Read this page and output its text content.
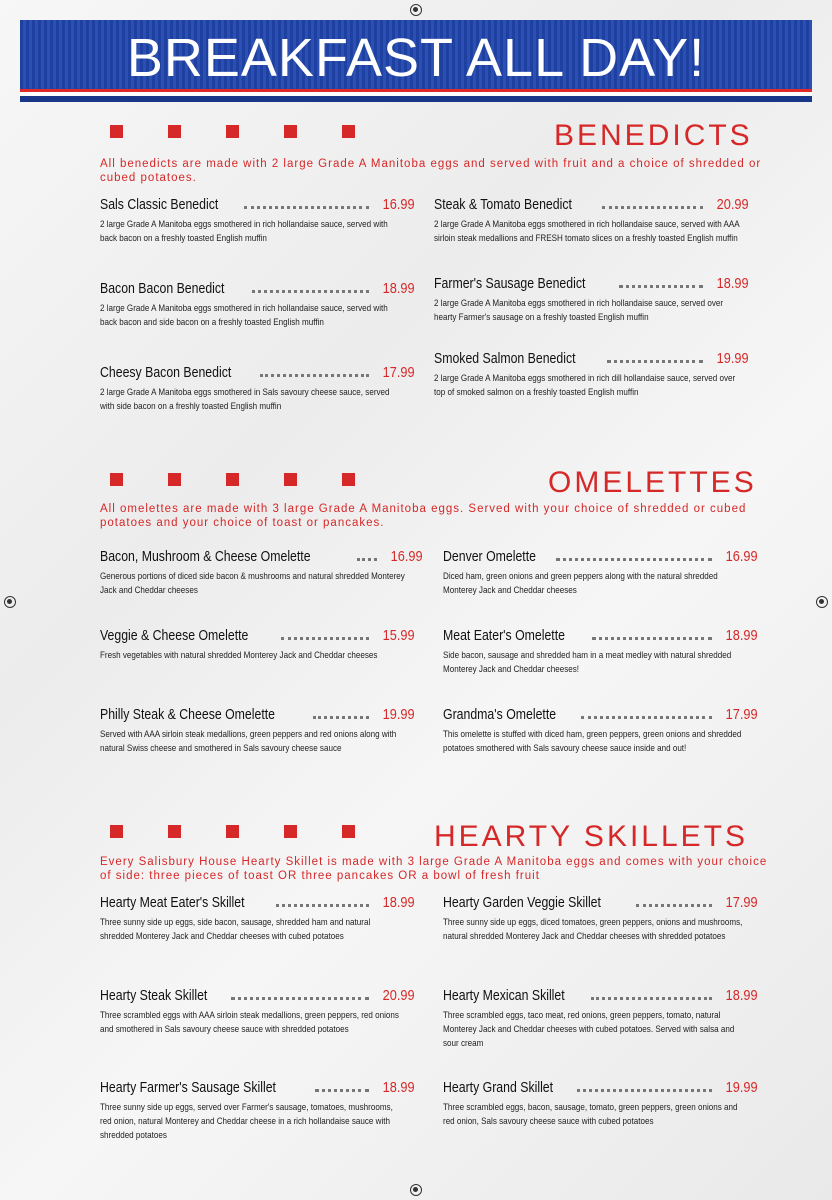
BREAKFAST ALL DAY!
BENEDICTS
All benedicts are made with 2 large Grade A Manitoba eggs and served with fruit and a choice of shredded or cubed potatoes.
Sals Classic Benedict	16.99
2 large Grade A Manitoba eggs smothered in rich hollandaise sauce, served with back bacon on a freshly toasted English muffin
Steak & Tomato Benedict	20.99
2 large Grade A Manitoba eggs smothered in rich hollandaise sauce, served with AAA sirloin steak medallions and FRESH tomato slices on a freshly toasted English muffin
Bacon Bacon Benedict	18.99
2 large Grade A Manitoba eggs smothered in rich hollandaise sauce, served with back bacon and side bacon on a freshly toasted English muffin
Farmer's Sausage Benedict	18.99
2 large Grade A Manitoba eggs smothered in rich hollandaise sauce, served over hearty Farmer's sausage on a freshly toasted English muffin
Cheesy Bacon Benedict	17.99
2 large Grade A Manitoba eggs smothered in Sals savoury cheese sauce, served with side bacon on a freshly toasted English muffin
Smoked Salmon Benedict	19.99
2 large Grade A Manitoba eggs smothered in rich dill hollandaise sauce, served over top of smoked salmon on a freshly toasted English muffin
OMELETTES
All omelettes are made with 3 large Grade A Manitoba eggs. Served with your choice of shredded or cubed potatoes and your choice of toast or pancakes.
Bacon, Mushroom & Cheese Omelette	16.99
Generous portions of diced side bacon & mushrooms and natural shredded Monterey Jack and Cheddar cheeses
Denver Omelette	16.99
Diced ham, green onions and green peppers along with the natural shredded Monterey Jack and Cheddar cheeses
Veggie & Cheese Omelette	15.99
Fresh vegetables with natural shredded Monterey Jack and Cheddar cheeses
Meat Eater's Omelette	18.99
Side bacon, sausage and shredded ham in a meat medley with natural shredded Monterey Jack and Cheddar cheeses!
Philly Steak & Cheese Omelette	19.99
Served with AAA sirloin steak medallions, green peppers and red onions along with natural Swiss cheese and smothered in Sals savoury cheese sauce
Grandma's Omelette	17.99
This omelette is stuffed with diced ham, green peppers, green onions and shredded potatoes smothered with Sals savoury cheese sauce inside and out!
HEARTY SKILLETS
Every Salisbury House Hearty Skillet is made with 3 large Grade A Manitoba eggs and comes with your choice of side: three pieces of toast OR three pancakes OR a bowl of fresh fruit
Hearty Meat Eater's Skillet	18.99
Three sunny side up eggs, side bacon, sausage, shredded ham and natural shredded Monterey Jack and Cheddar cheeses with cubed potatoes
Hearty Garden Veggie Skillet	17.99
Three sunny side up eggs, diced tomatoes, green peppers, onions and mushrooms, natural shredded Monterey Jack and Cheddar cheeses with shredded potatoes
Hearty Steak Skillet	20.99
Three scrambled eggs with AAA sirloin steak medallions, green peppers, red onions and smothered in Sals savoury cheese sauce with shredded potatoes
Hearty Mexican Skillet	18.99
Three scrambled eggs, taco meat, red onions, green peppers, tomato, natural Monterey Jack and Cheddar cheeses with cubed potatoes. Served with salsa and sour cream
Hearty Farmer's Sausage Skillet	18.99
Three sunny side up eggs, served over Farmer's sausage, tomatoes, mushrooms, red onion, natural Monterey and Cheddar cheese in a rich hollandaise sauce with shredded potatoes
Hearty Grand Skillet	19.99
Three scrambled eggs, bacon, sausage, tomato, green peppers, green onions and red onion, Sals savoury cheese sauce with cubed potatoes
